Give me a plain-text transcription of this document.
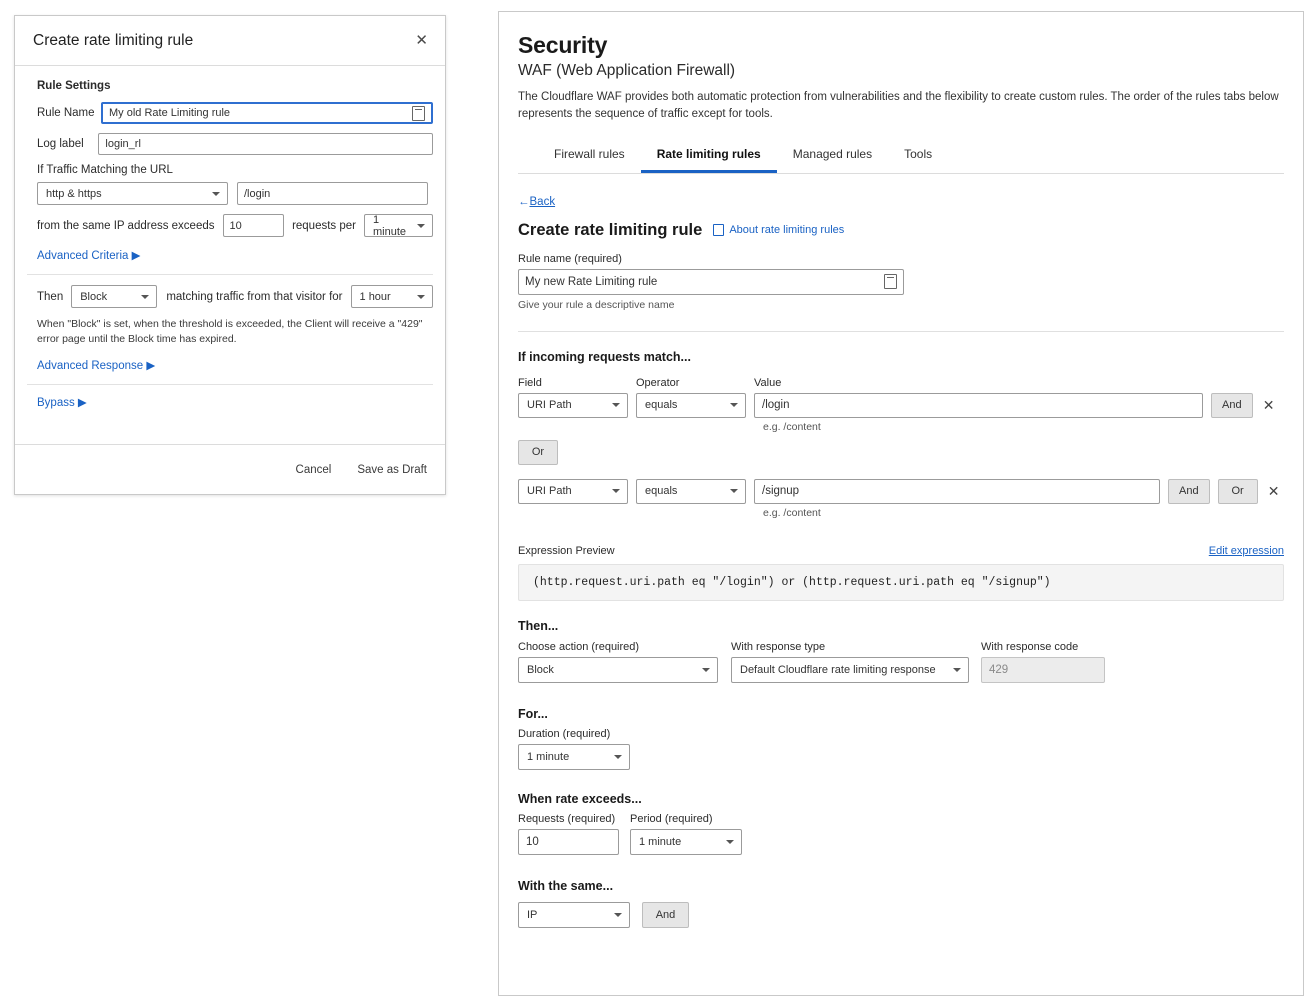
Create rate limiting rule	✕
Rule Settings
Rule Name My old Rate Limiting rule
Log label	login_rl
If Traffic Matching the URL
http & https	/login
from the same IP address exceeds 10	requests per 1 minute
Advanced Criteria ▶
Then Block	matching traffic from that visitor for 1 hour
When "Block" is set, when the threshold is exceeded, the Client will receive a "429" error page until the Block time has expired.
Advanced Response ▶
Bypass ▶
Cancel Save as Draft
Security
WAF (Web Application Firewall)
The Cloudflare WAF provides both automatic protection from vulnerabilities and the flexibility to create custom rules. The order of the rules tabs below represents the sequence of traffic except for tools.
Firewall rules	Rate limiting rules	Managed rules	Tools
←Back
Create rate limiting rule About rate limiting rules
Rule name (required)
My new Rate Limiting rule
Give your rule a descriptive name
If incoming requests match...
Field	Operator	Value
URI Path	equals	/login	And	✕
e.g. /content
Or
URI Path	equals	/signup	And	Or	✕
e.g. /content
Expression Preview	Edit expression
(http.request.uri.path eq "/login") or (http.request.uri.path eq "/signup")
Then...
Choose action (required)
Block
With response type
Default Cloudflare rate limiting response
With response code
429
For...
Duration (required)
1 minute
When rate exceeds...
Requests (required)
10
Period (required)
1 minute
With the same...
IP	And
